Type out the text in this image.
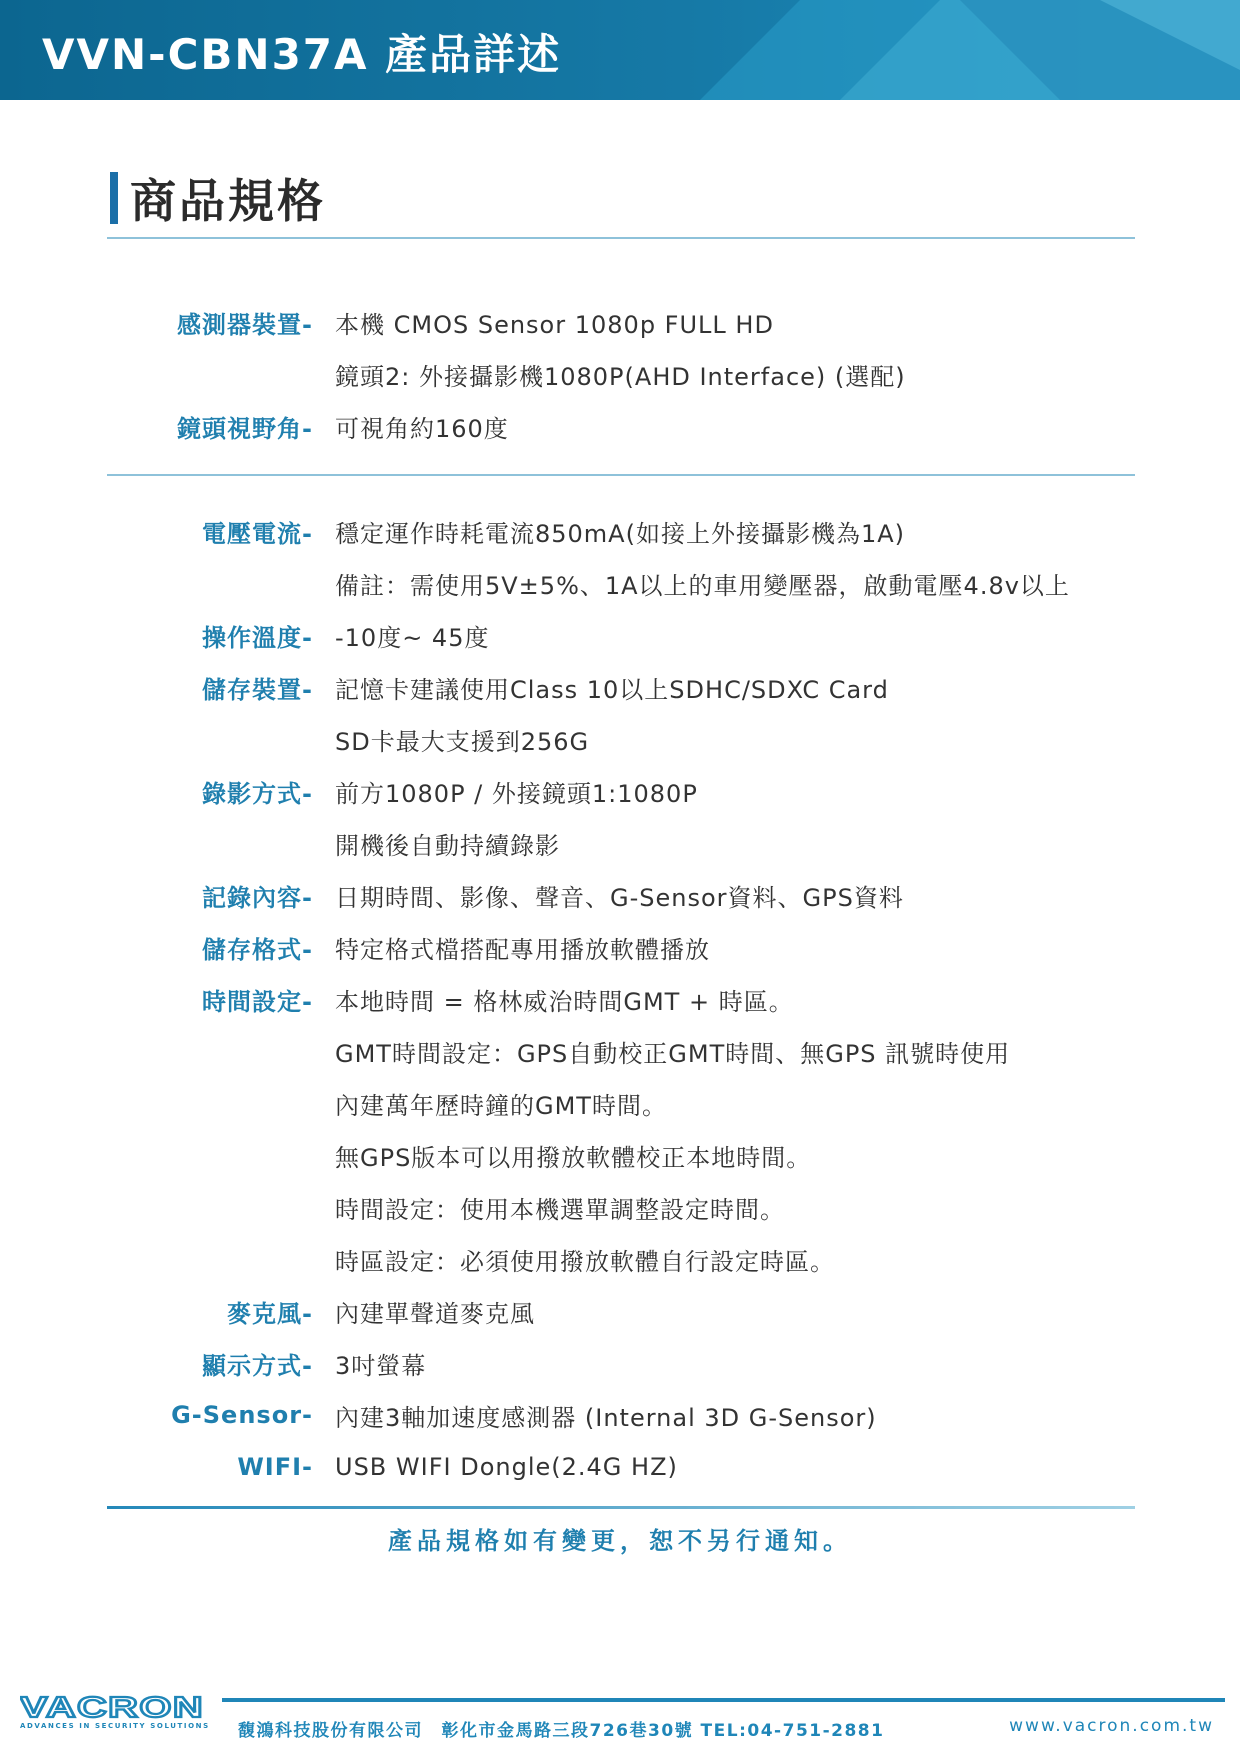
VVN-CBN37A 產品詳述
商品規格
感測器裝置- 本機 CMOS Sensor 1080p FULL HD
鏡頭2: 外接攝影機1080P(AHD Interface) (選配)
鏡頭視野角- 可視角約160度
電壓電流- 穩定運作時耗電流850mA(如接上外接攝影機為1A)
備註：需使用5V±5%、1A以上的車用變壓器，啟動電壓4.8v以上
操作溫度- -10度~ 45度
儲存裝置- 記憶卡建議使用Class 10以上SDHC/SDXC Card
SD卡最大支援到256G
錄影方式- 前方1080P / 外接鏡頭1:1080P
開機後自動持續錄影
記錄內容- 日期時間、影像、聲音、G-Sensor資料、GPS資料
儲存格式- 特定格式檔搭配專用播放軟體播放
時間設定- 本地時間 = 格林威治時間GMT + 時區。
GMT時間設定：GPS自動校正GMT時間、無GPS 訊號時使用
內建萬年歷時鐘的GMT時間。
無GPS版本可以用撥放軟體校正本地時間。
時間設定：使用本機選單調整設定時間。
時區設定：必須使用撥放軟體自行設定時區。
麥克風- 內建單聲道麥克風
顯示方式- 3吋螢幕
G-Sensor- 內建3軸加速度感測器 (Internal 3D G-Sensor)
WIFI- USB WIFI Dongle(2.4G HZ)
產品規格如有變更，恕不另行通知。
VACRON
ADVANCES IN SECURITY SOLUTIONS 馥鴻科技股份有限公司　彰化市金馬路三段726巷30號 TEL:04-751-2881	www.vacron.com.tw
